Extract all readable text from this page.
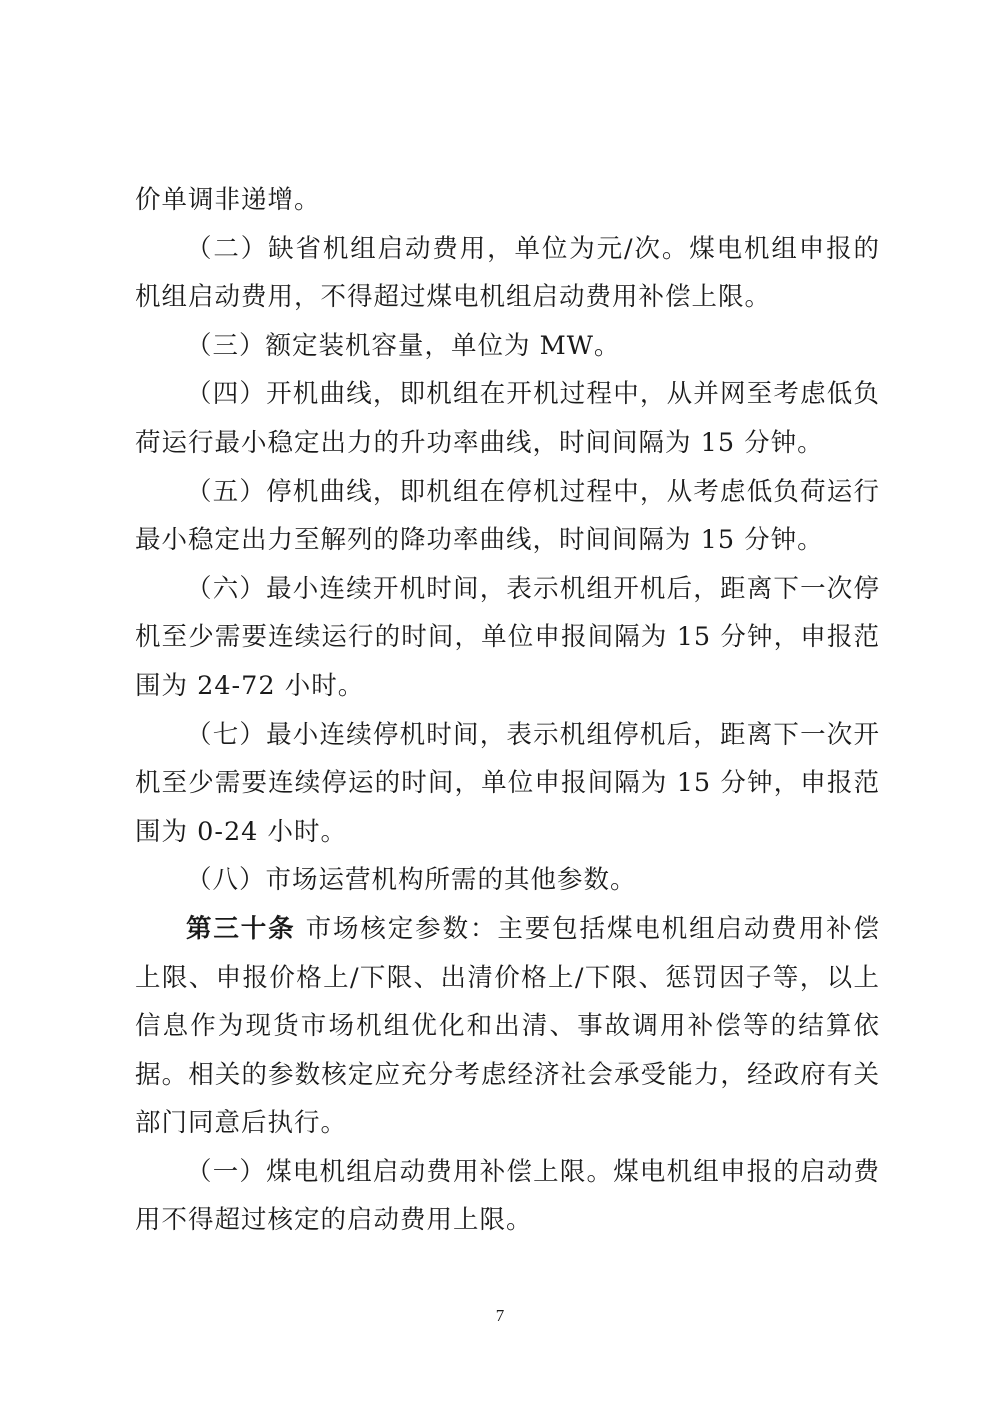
价单调非递增。

（二）缺省机组启动费用，单位为元/次。煤电机组申报的机组启动费用，不得超过煤电机组启动费用补偿上限。

（三）额定装机容量，单位为 MW。

（四）开机曲线，即机组在开机过程中，从并网至考虑低负荷运行最小稳定出力的升功率曲线，时间间隔为 15 分钟。

（五）停机曲线，即机组在停机过程中，从考虑低负荷运行最小稳定出力至解列的降功率曲线，时间间隔为 15 分钟。

（六）最小连续开机时间，表示机组开机后，距离下一次停机至少需要连续运行的时间，单位申报间隔为 15 分钟，申报范围为 24-72 小时。

（七）最小连续停机时间，表示机组停机后，距离下一次开机至少需要连续停运的时间，单位申报间隔为 15 分钟，申报范围为 0-24 小时。

（八）市场运营机构所需的其他参数。

第三十条 市场核定参数：主要包括煤电机组启动费用补偿上限、申报价格上/下限、出清价格上/下限、惩罚因子等，以上信息作为现货市场机组优化和出清、事故调用补偿等的结算依据。相关的参数核定应充分考虑经济社会承受能力，经政府有关部门同意后执行。

（一）煤电机组启动费用补偿上限。煤电机组申报的启动费用不得超过核定的启动费用上限。

7
